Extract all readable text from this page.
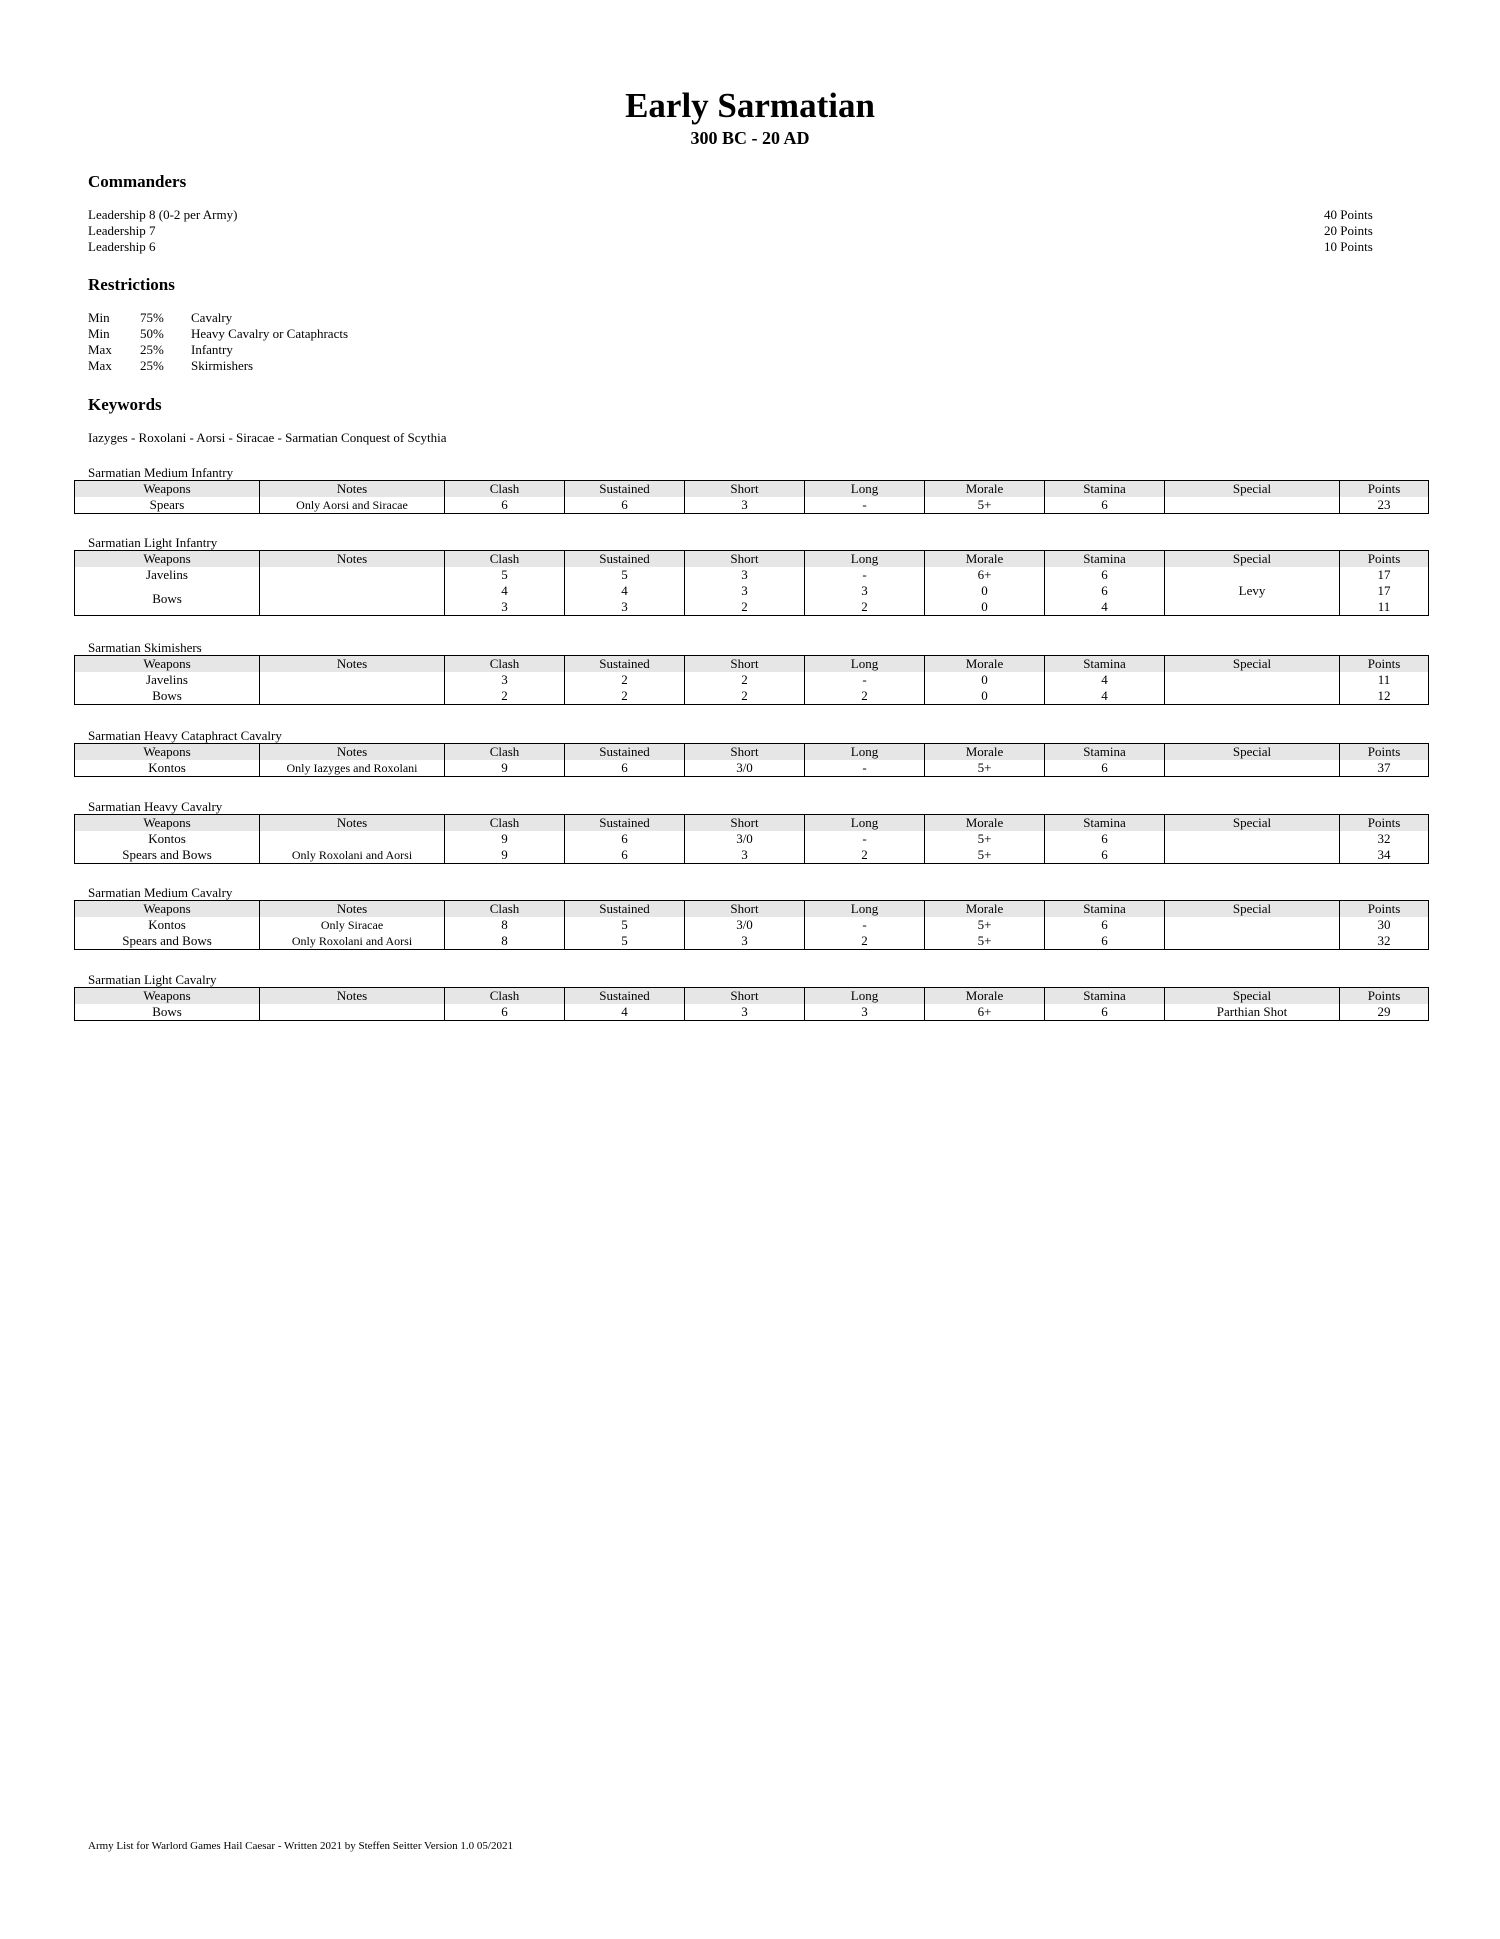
Early Sarmatian
300 BC - 20 AD
Commanders
Leadership 8 (0-2 per Army)	40 Points
Leadership 7	20 Points
Leadership 6	10 Points
Restrictions
Min 75% Cavalry
Min 50% Heavy Cavalry or Cataphracts
Max 25% Infantry
Max 25% Skirmishers
Keywords
Iazyges - Roxolani - Aorsi - Siracae - Sarmatian Conquest of Scythia
Sarmatian Medium Infantry
Weapons	Notes	Clash	Sustained	Short	Long	Morale	Stamina	Special	Points
Spears	Only Aorsi and Siracae	6	6	3	-	5+	6		23
Sarmatian Light Infantry
Weapons	Notes	Clash	Sustained	Short	Long	Morale	Stamina	Special	Points
Javelins		5	5	3	-	6+	6		17
Bows		4	4	3	3	0	6	Levy	17
		3	3	2	2	0	4		11
Sarmatian Skimishers
Weapons	Notes	Clash	Sustained	Short	Long	Morale	Stamina	Special	Points
Javelins		3	2	2	-	0	4		11
Bows		2	2	2	2	0	4		12
Sarmatian Heavy Cataphract Cavalry
Weapons	Notes	Clash	Sustained	Short	Long	Morale	Stamina	Special	Points
Kontos	Only Iazyges and Roxolani	9	6	3/0	-	5+	6		37
Sarmatian Heavy Cavalry
Weapons	Notes	Clash	Sustained	Short	Long	Morale	Stamina	Special	Points
Kontos		9	6	3/0	-	5+	6		32
Spears and Bows	Only Roxolani and Aorsi	9	6	3	2	5+	6		34
Sarmatian Medium Cavalry
Weapons	Notes	Clash	Sustained	Short	Long	Morale	Stamina	Special	Points
Kontos	Only Siracae	8	5	3/0	-	5+	6		30
Spears and Bows	Only Roxolani and Aorsi	8	5	3	2	5+	6		32
Sarmatian Light Cavalry
Weapons	Notes	Clash	Sustained	Short	Long	Morale	Stamina	Special	Points
Bows		6	4	3	3	6+	6	Parthian Shot	29
Army List for Warlord Games Hail Caesar - Written 2021 by Steffen Seitter Version 1.0 05/2021
